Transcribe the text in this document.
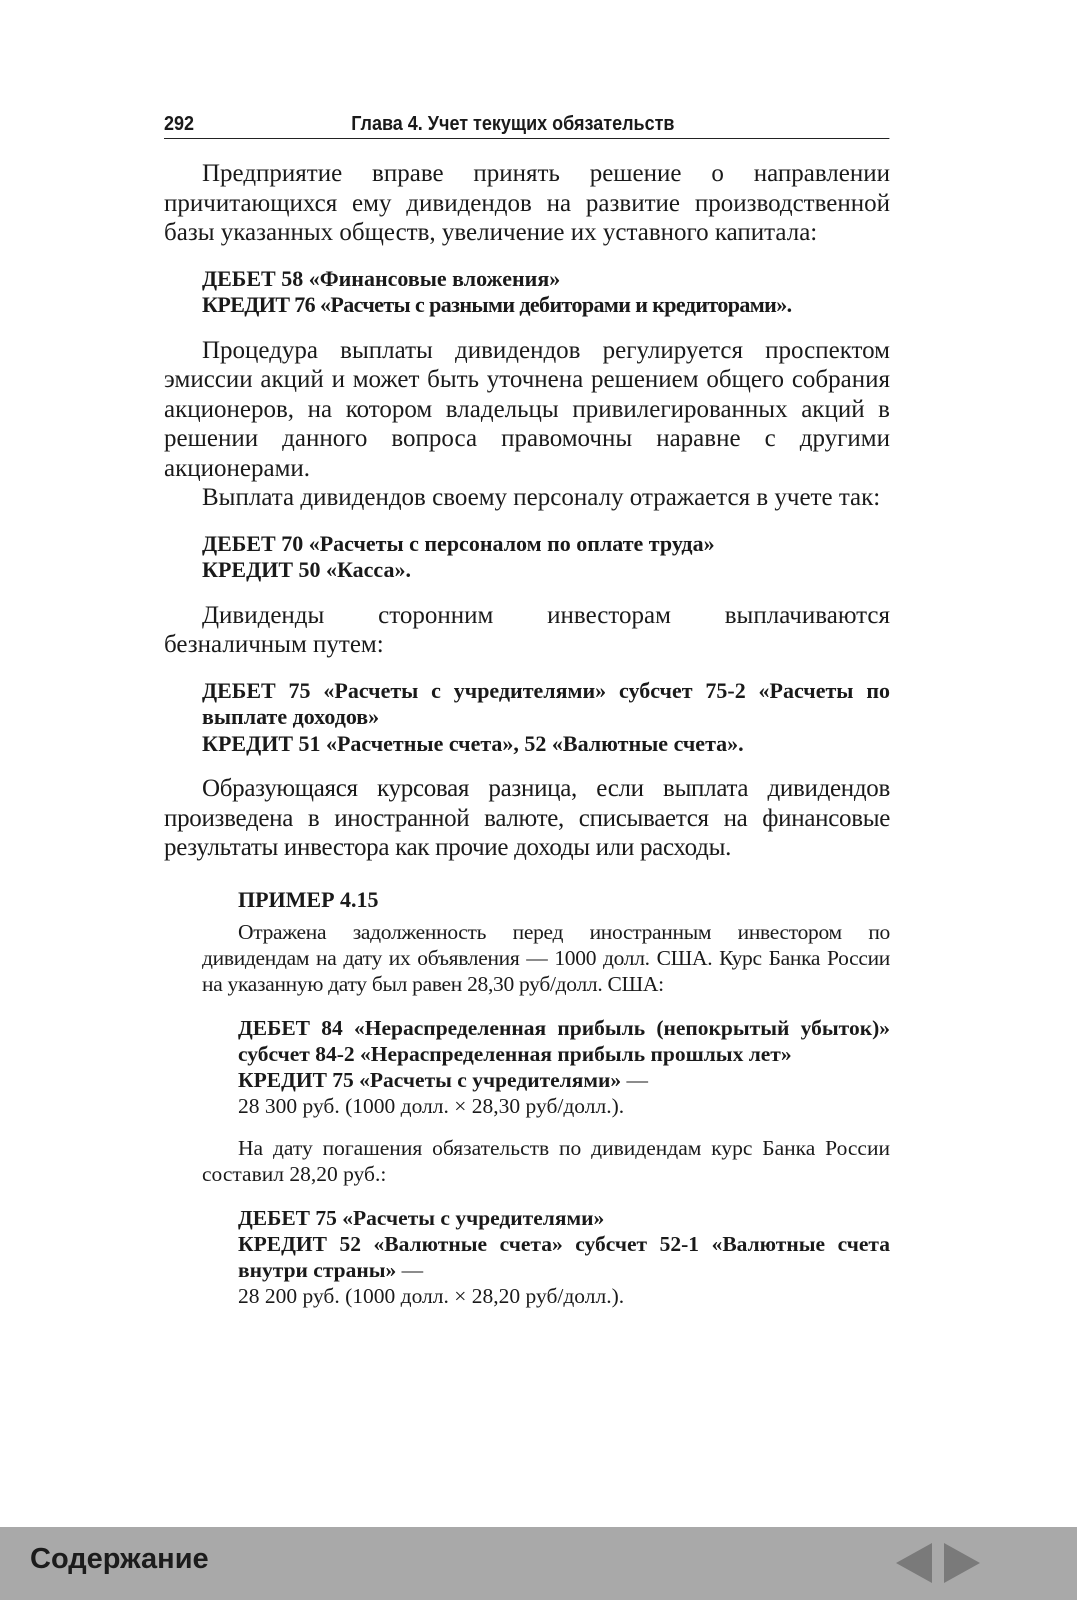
292	Глава 4. Учет текущих обязательств

Предприятие вправе принять решение о направлении причитающихся ему дивидендов на развитие производственной базы указанных обществ, увеличение их уставного капитала:

ДЕБЕТ 58 «Финансовые вложения»
КРЕДИТ 76 «Расчеты с разными дебиторами и кредиторами».

Процедура выплаты дивидендов регулируется проспектом эмиссии акций и может быть уточнена решением общего собрания акционеров, на котором владельцы привилегированных акций в решении данного вопроса правомочны наравне с другими акционерами.

Выплата дивидендов своему персоналу отражается в учете так:

ДЕБЕТ 70 «Расчеты с персоналом по оплате труда»
КРЕДИТ 50 «Касса».

Дивиденды сторонним инвесторам выплачиваются безналичным путем:

ДЕБЕТ 75 «Расчеты с учредителями» субсчет 75-2 «Расчеты по выплате доходов»
КРЕДИТ 51 «Расчетные счета», 52 «Валютные счета».

Образующаяся курсовая разница, если выплата дивидендов произведена в иностранной валюте, списывается на финансовые результаты инвестора как прочие доходы или расходы.

ПРИМЕР 4.15

Отражена задолженность перед иностранным инвестором по дивидендам на дату их объявления — 1000 долл. США. Курс Банка России на указанную дату был равен 28,30 руб/долл. США:

ДЕБЕТ 84 «Нераспределенная прибыль (непокрытый убыток)» субсчет 84-2 «Нераспределенная прибыль прошлых лет»
КРЕДИТ 75 «Расчеты с учредителями» —
28 300 руб. (1000 долл. × 28,30 руб/долл.).

На дату погашения обязательств по дивидендам курс Банка России составил 28,20 руб.:

ДЕБЕТ 75 «Расчеты с учредителями»
КРЕДИТ 52 «Валютные счета» субсчет 52-1 «Валютные счета внутри страны» —
28 200 руб. (1000 долл. × 28,20 руб/долл.).
Содержание
